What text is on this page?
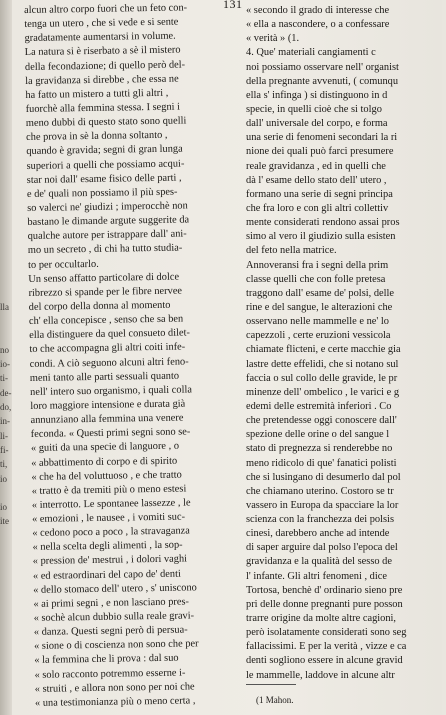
lla
no
io-
ti-
de-
do,
in-
li-
fi-
ti,
io
io
ite
131
alcun altro corpo fuori che un feto con-
tenga un utero , che si vede e si sente
gradatamente aumentarsi in volume.
La natura si è riserbato a sè il mistero
della fecondazione; di quello però del-
la gravidanza si direbbe , che essa ne
ha fatto un mistero a tutti gli altri ,
fuorchè alla femmina stessa. I segni i
meno dubbi di questo stato sono quelli
che prova in sè la donna soltanto ,
quando è gravida; segni di gran lunga
superiori a quelli che possiamo acqui-
star noi dall' esame fisico delle parti ,
e de' quali non possiamo il più spes-
so valerci ne' giudizi ; imperocchè non
bastano le dimande argute suggerite da
qualche autore per istrappare dall' ani-
mo un secreto , di chi ha tutto studia-
to per occultarlo.
Un senso affatto particolare di dolce
ribrezzo si spande per le fibre nervee
del corpo della donna al momento
ch' ella concepisce , senso che sa ben
ella distinguere da quel consueto dilet-
to che accompagna gli altri coiti infe-
condi. A ciò seguono alcuni altri feno-
meni tanto alle parti sessuali quanto
nell' intero suo organismo, i quali colla
loro maggiore intensione e durata già
annunziano alla femmina una venere
feconda. « Questi primi segni sono se-
« guiti da una specie di languore , o
« abbattimento di corpo e di spirito
« che ha del voluttuoso , e che tratto
« tratto è da tremiti più o meno estesi
« interrotto. Le spontanee lassezze , le
« emozioni , le nausee , i vomiti suc-
« cedono poco a poco , la stravaganza
« nella scelta degli alimenti , la sop-
« pression de' mestrui , i dolori vaghi
« ed estraordinari del capo de' denti
« dello stomaco dell' utero , s' uniscono
« ai primi segni , e non lasciano pres-
« sochè alcun dubbio sulla reale gravi-
« danza. Questi segni però di persua-
« sione o di coscienza non sono che per
« la femmina che li prova : dal suo
« solo racconto potremmo esserne i-
« struiti , e allora non sono per noi che
« una testimonianza più o meno certa ,
« secondo il grado di interesse che
« ella a nascondere, o a confessare
« verità » (1.
4. Que' materiali cangiamenti c
noi possiamo osservare nell' organist
della pregnante avvenuti, ( comunqu
ella s' infinga ) si distinguono in d
specie, in quelli cioè che si tolgo
dall' universale del corpo, e forma
una serie di fenomeni secondari la ri
nione dei quali può farci presumere
reale gravidanza , ed in quelli che
dà l' esame dello stato dell' utero ,
formano una serie di segni principa
che fra loro e con gli altri collettiv
mente considerati rendono assai pros
simo al vero il giudizio sulla esisten
del feto nella matrice.
Annoveransi fra i segni della prim
classe quelli che con folle pretesa
traggono dall' esame de' polsi, delle
rine e del sangue, le alterazioni che
osservano nelle mammelle e ne' lo
capezzoli , certe eruzioni vessicola
chiamate flicteni, e certe macchie gia
lastre dette effelidi, che si notano sul
faccia o sul collo delle gravide, le pr
minenze dell' ombelico , le varici e g
edemi delle estremità inferiori . Co
che pretendesse oggi conoscere dall'
spezione delle orine o del sangue l
stato di pregnezza si renderebbe no
meno ridicolo di que' fanatici polisti
che si lusingano di desumerlo dal pol
che chiamano uterino. Costoro se tr
vassero in Europa da spacciare la lor
scienza con la franchezza dei polsis
cinesi, darebbero anche ad intende
di saper arguire dal polso l'epoca del
gravidanza e la qualità del sesso de
l' infante. Gli altri fenomeni , dice
Tortosa, benchè d' ordinario sieno pre
pri delle donne pregnanti pure posson
trarre origine da molte altre cagioni,
però isolatamente considerati sono seg
fallacissimi. E per la verità , vizze e ca
denti sogliono essere in alcune gravid
le mammelle, laddove in alcune altr
(1 Mahon.
